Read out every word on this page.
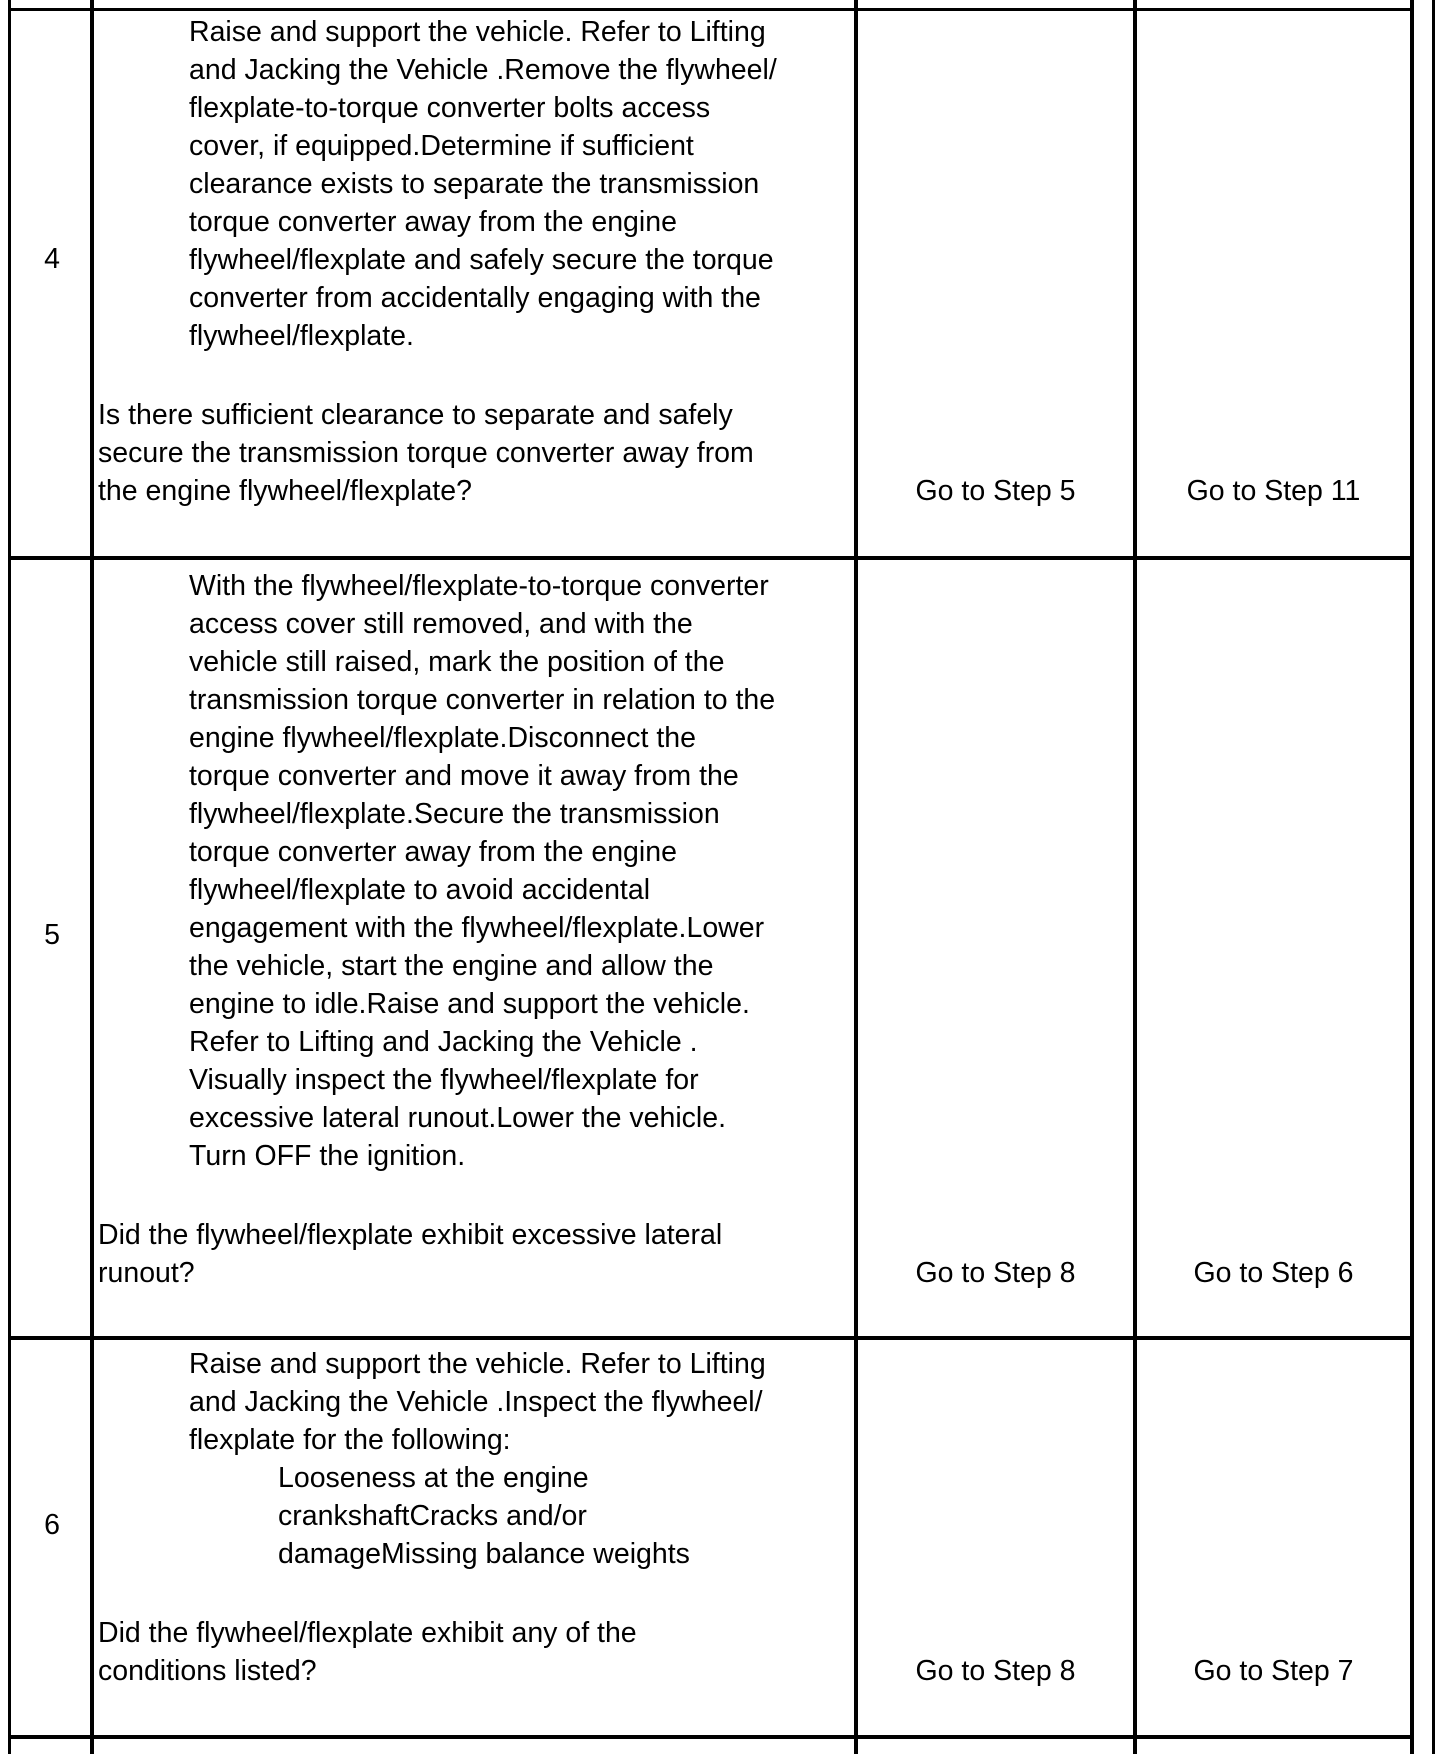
4
Raise and support the vehicle. Refer to Lifting
and Jacking the Vehicle .Remove the flywheel/
flexplate-to-torque converter bolts access
cover, if equipped.Determine if sufficient
clearance exists to separate the transmission
torque converter away from the engine
flywheel/flexplate and safely secure the torque
converter from accidentally engaging with the
flywheel/flexplate.
Is there sufficient clearance to separate and safely
secure the transmission torque converter away from
the engine flywheel/flexplate?	Go to Step 5	Go to Step 11
5
With the flywheel/flexplate-to-torque converter
access cover still removed, and with the
vehicle still raised, mark the position of the
transmission torque converter in relation to the
engine flywheel/flexplate.Disconnect the
torque converter and move it away from the
flywheel/flexplate.Secure the transmission
torque converter away from the engine
flywheel/flexplate to avoid accidental
engagement with the flywheel/flexplate.Lower
the vehicle, start the engine and allow the
engine to idle.Raise and support the vehicle.
Refer to Lifting and Jacking the Vehicle .
Visually inspect the flywheel/flexplate for
excessive lateral runout.Lower the vehicle.
Turn OFF the ignition.
Did the flywheel/flexplate exhibit excessive lateral
runout?	Go to Step 8	Go to Step 6
6
Raise and support the vehicle. Refer to Lifting
and Jacking the Vehicle .Inspect the flywheel/
flexplate for the following:
Looseness at the engine
crankshaftCracks and/or
damageMissing balance weights
Did the flywheel/flexplate exhibit any of the
conditions listed?	Go to Step 8	Go to Step 7
